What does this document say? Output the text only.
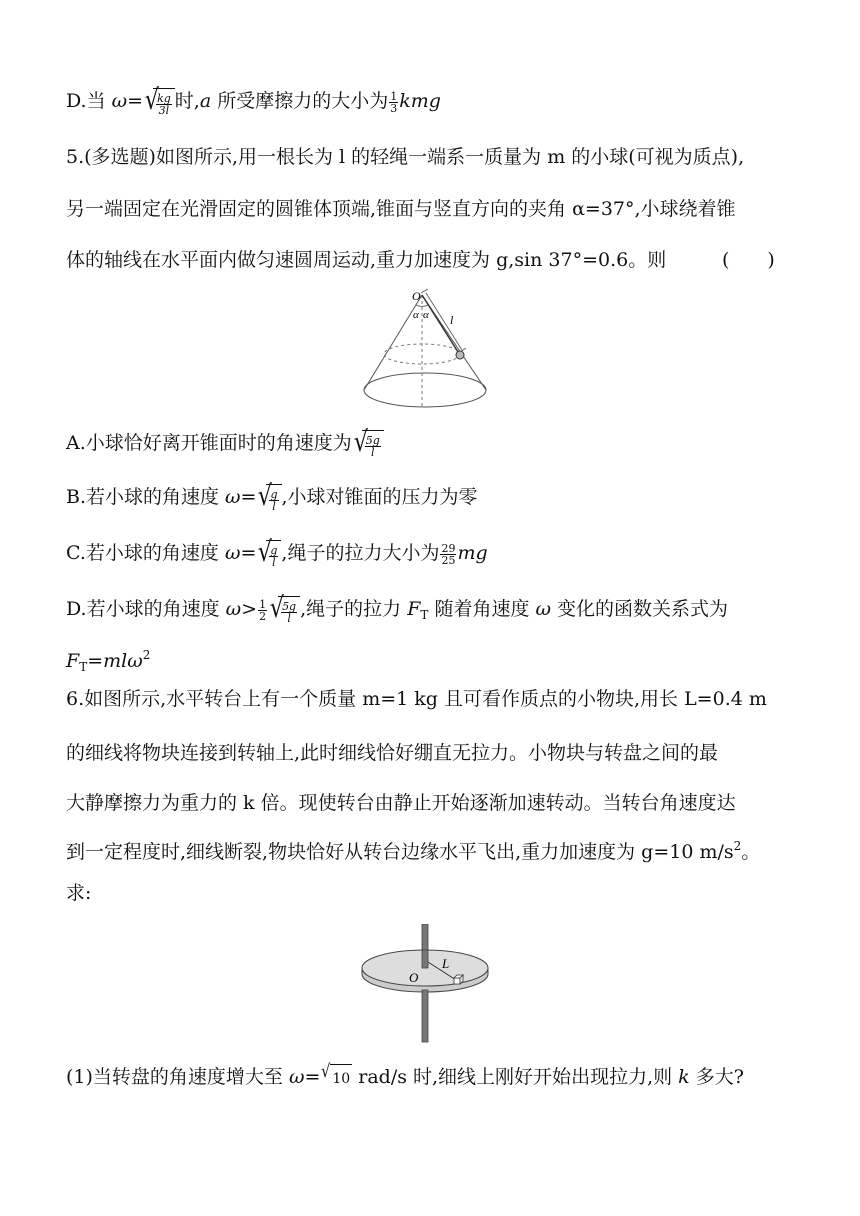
D.当 ω= √
$\frac{kg}{3l}$ 时,a 所受摩擦力的大小为 $\frac{1}{3}$ kmg
5.(多选题)如图所示,用一根长为 l 的轻绳一端系一质量为 m 的小球(可视为质点),
另一端固定在光滑固定的圆锥体顶端,锥面与竖直方向的夹角 α=37°,小球绕着锥
体的轴线在水平面内做匀速圆周运动,重力加速度为 g,sin 37°=0.6。则	(　　)
O
α α l
A.小球恰好离开锥面时的角速度为 √
$\frac{5g}{l}$
B.若小球的角速度 ω= √
$\frac{g}{l}$ ,小球对锥面的压力为零
C.若小球的角速度 ω= √
$\frac{g}{l}$ ,绳子的拉力大小为 $\frac{29}{25}$ mg
D.若小球的角速度 $\omega> \frac{1}{2}$ √
$\frac{5g}{l}$ ,绳子的拉力 $F_T$ 随着角速度 ω 变化的函数关系式为
$F_T=ml\omega^2$
6.如图所示,水平转台上有一个质量 m=1 kg 且可看作质点的小物块,用长 L=0.4 m
的细线将物块连接到转轴上,此时细线恰好绷直无拉力。小物块与转盘之间的最
大静摩擦力为重力的 k 倍。现使转台由静止开始逐渐加速转动。当转台角速度达
到一定程度时,细线断裂,物块恰好从转台边缘水平飞出,重力加速度为 g=10 $m/s^2$。
求:
O
L
(1)当转盘的角速度增大至 ω= √ 10 rad/s 时,细线上刚好开始出现拉力,则 k 多大?
